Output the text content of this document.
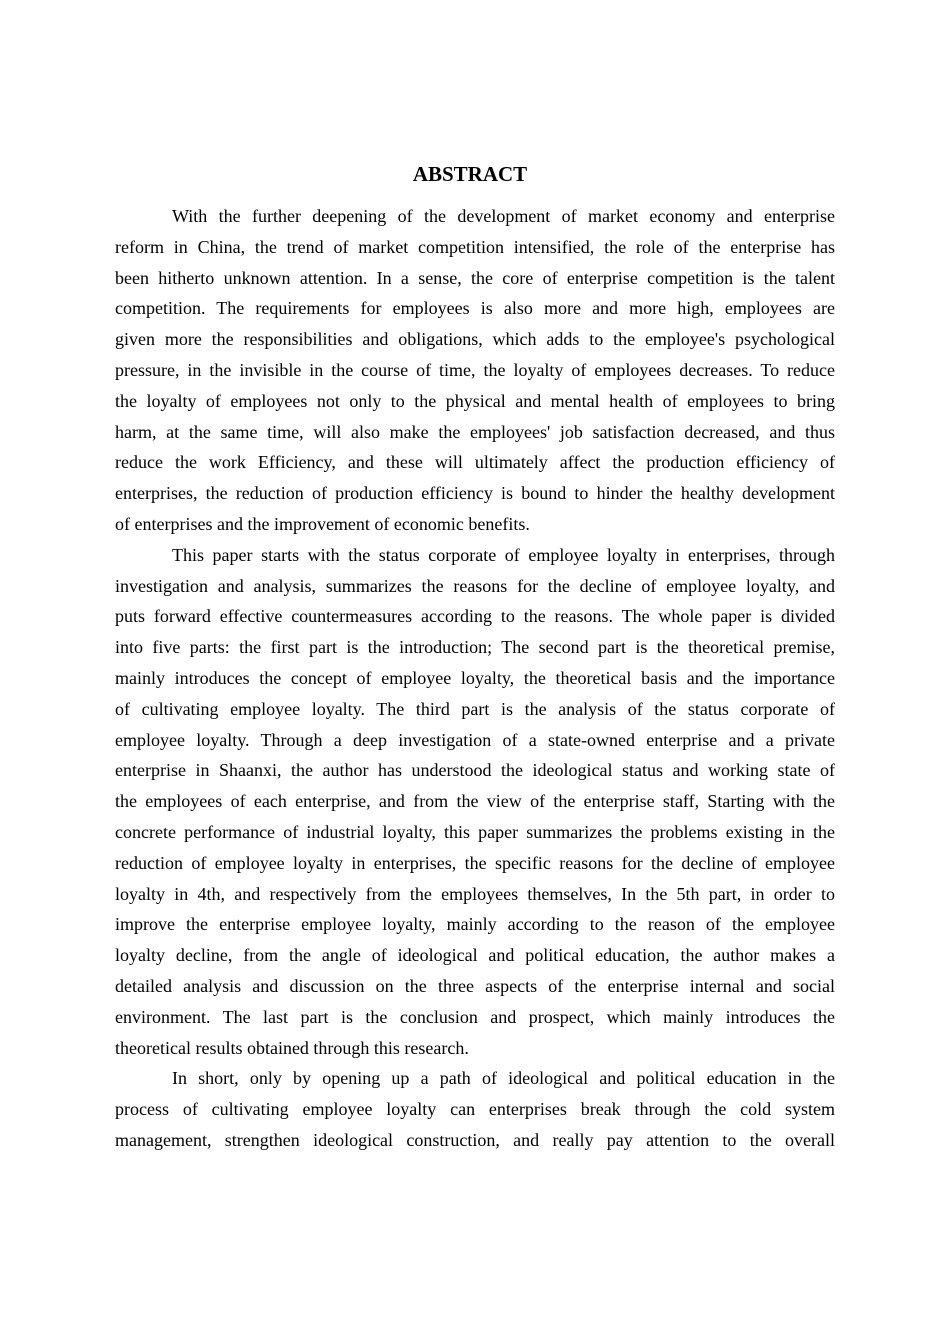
ABSTRACT
With the further deepening of the development of market economy and enterprise
reform in China, the trend of market competition intensified, the role of the enterprise has
been hitherto unknown attention. In a sense, the core of enterprise competition is the talent
competition. The requirements for employees is also more and more high, employees are
given more the responsibilities and obligations, which adds to the employee's psychological
pressure, in the invisible in the course of time, the loyalty of employees decreases. To reduce
the loyalty of employees not only to the physical and mental health of employees to bring
harm, at the same time, will also make the employees' job satisfaction decreased, and thus
reduce the work Efficiency, and these will ultimately affect the production efficiency of
enterprises, the reduction of production efficiency is bound to hinder the healthy development
of enterprises and the improvement of economic benefits.
This paper starts with the status corporate of employee loyalty in enterprises, through
investigation and analysis, summarizes the reasons for the decline of employee loyalty, and
puts forward effective countermeasures according to the reasons. The whole paper is divided
into five parts: the first part is the introduction; The second part is the theoretical premise,
mainly introduces the concept of employee loyalty, the theoretical basis and the importance
of cultivating employee loyalty. The third part is the analysis of the status corporate of
employee loyalty. Through a deep investigation of a state-owned enterprise and a private
enterprise in Shaanxi, the author has understood the ideological status and working state of
the employees of each enterprise, and from the view of the enterprise staff, Starting with the
concrete performance of industrial loyalty, this paper summarizes the problems existing in the
reduction of employee loyalty in enterprises, the specific reasons for the decline of employee
loyalty in 4th, and respectively from the employees themselves, In the 5th part, in order to
improve the enterprise employee loyalty, mainly according to the reason of the employee
loyalty decline, from the angle of ideological and political education, the author makes a
detailed analysis and discussion on the three aspects of the enterprise internal and social
environment. The last part is the conclusion and prospect, which mainly introduces the
theoretical results obtained through this research.
In short, only by opening up a path of ideological and political education in the
process of cultivating employee loyalty can enterprises break through the cold system
management, strengthen ideological construction, and really pay attention to the overall
